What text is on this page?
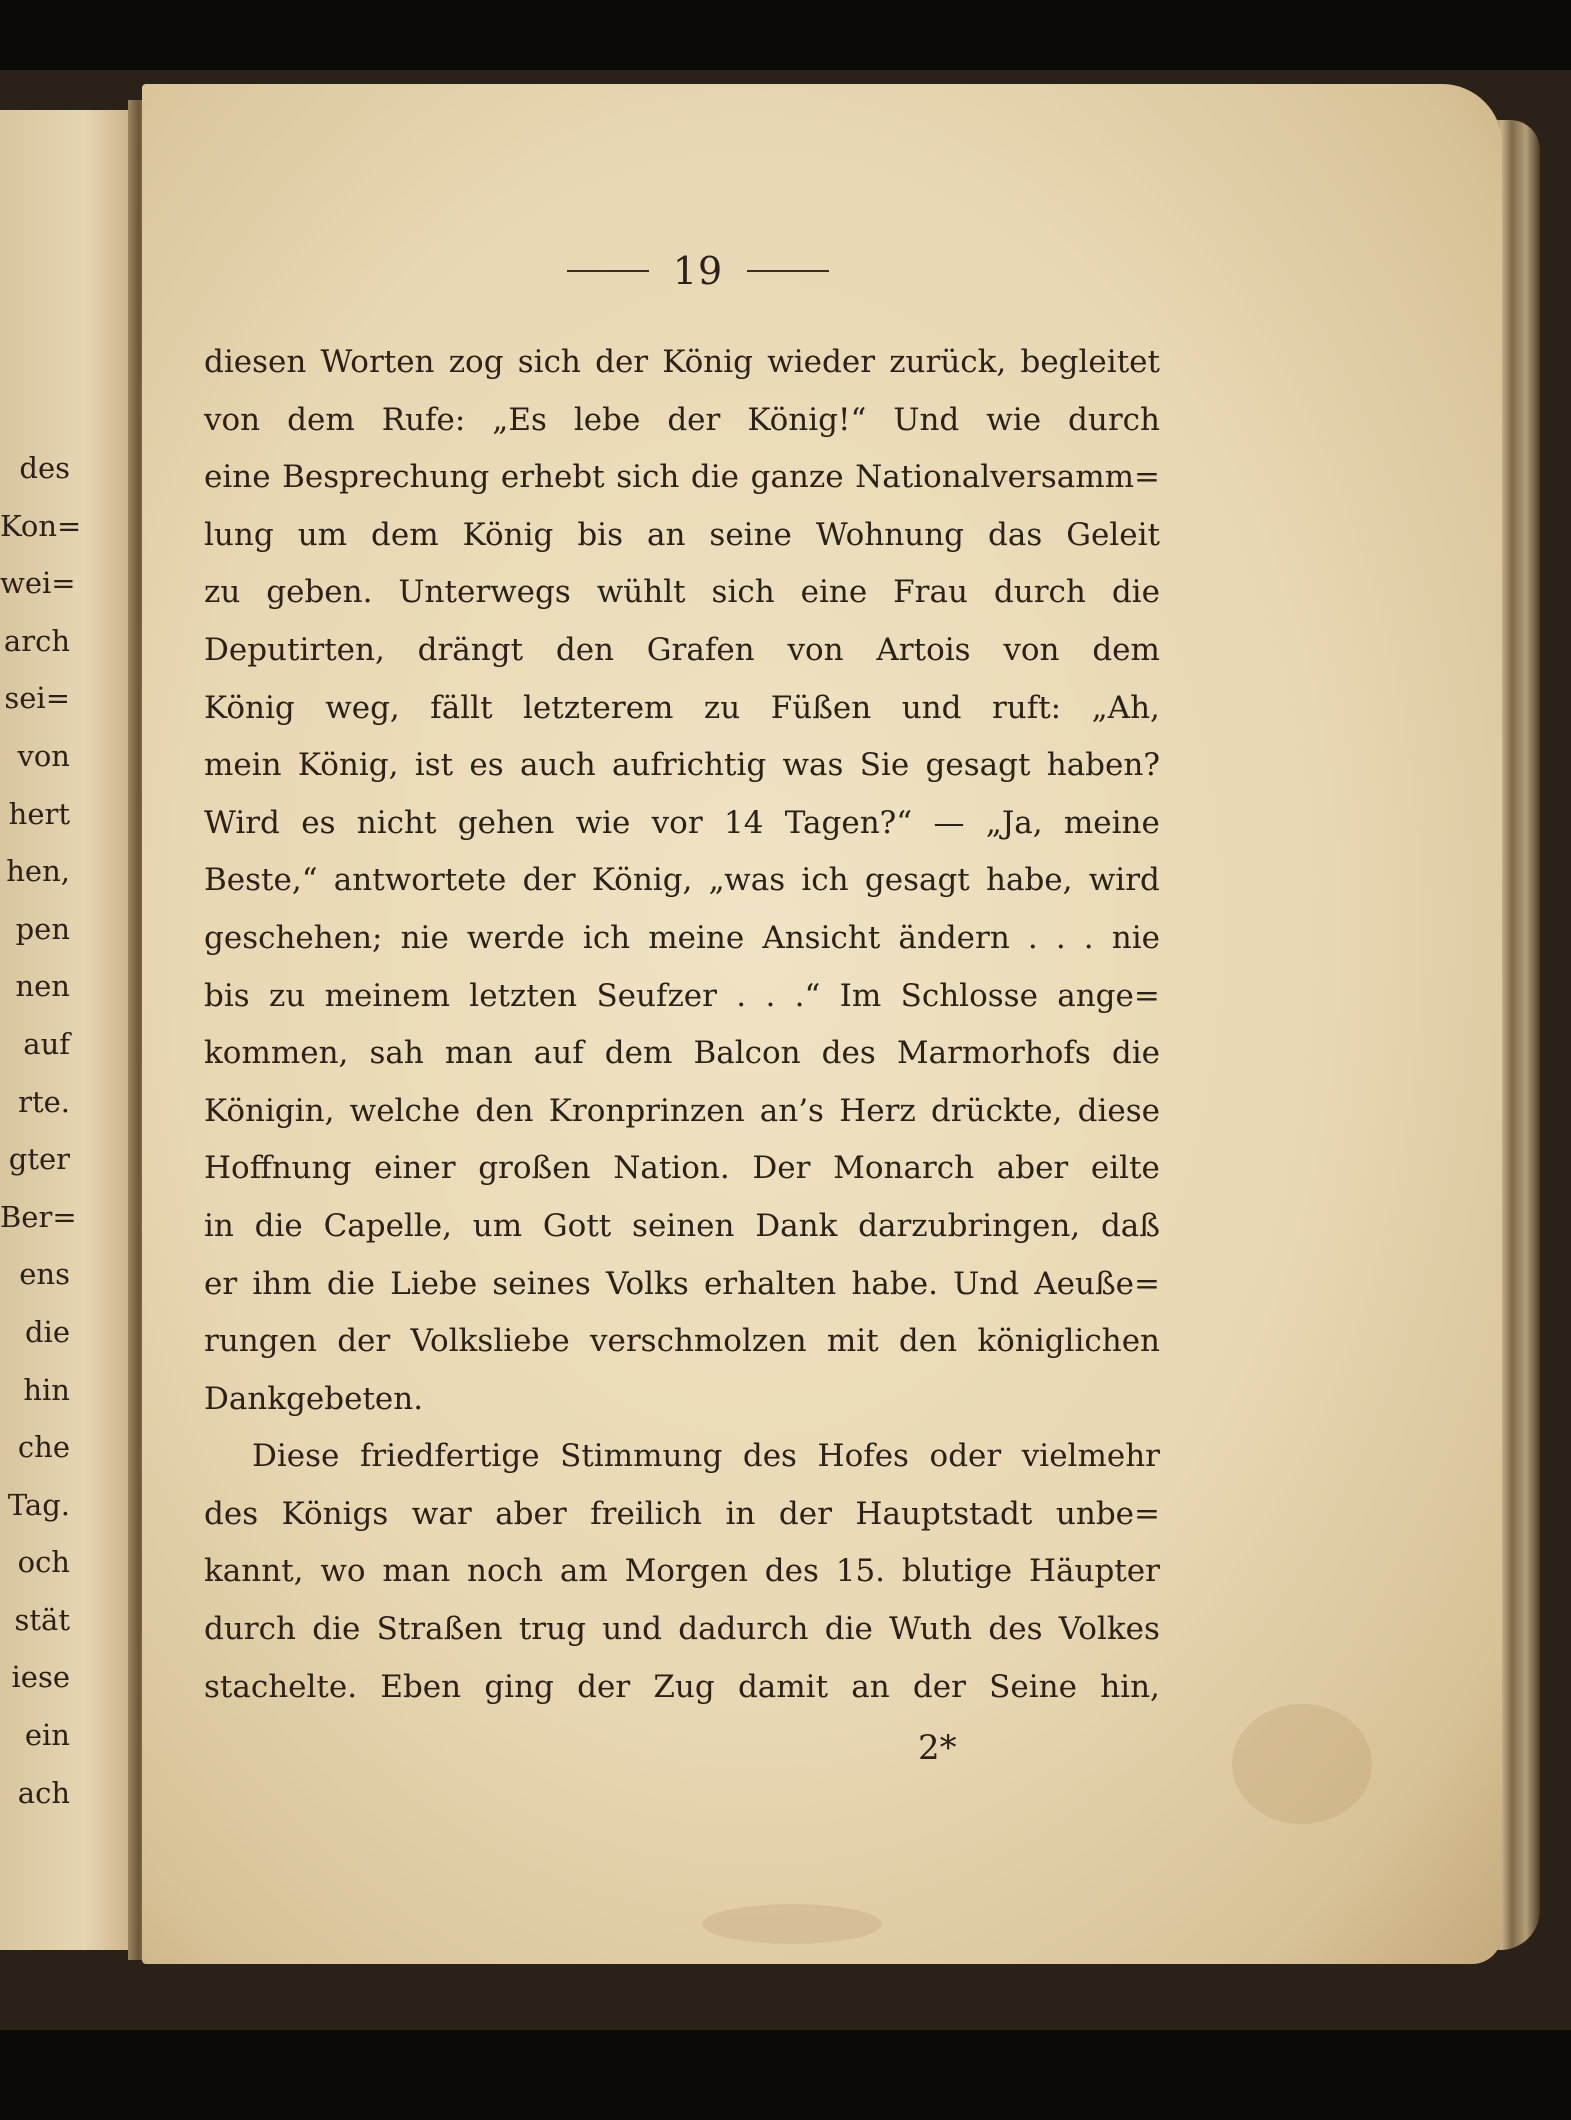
des
Kon=
wei=
arch
sei=
von
hert
hen,
pen
nen
auf
rte.
gter
Ber=
ens
die
hin
che
Tag.
och
stät
iese
ein
ach
19
diesen Worten zog sich der König wieder zurück, begleitet
von dem Rufe: „Es lebe der König!“ Und wie durch
eine Besprechung erhebt sich die ganze Nationalversamm=
lung um dem König bis an seine Wohnung das Geleit
zu geben. Unterwegs wühlt sich eine Frau durch die
Deputirten, drängt den Grafen von Artois von dem
König weg, fällt letzterem zu Füßen und ruft: „Ah,
mein König, ist es auch aufrichtig was Sie gesagt haben?
Wird es nicht gehen wie vor 14 Tagen?“ — „Ja, meine
Beste,“ antwortete der König, „was ich gesagt habe, wird
geschehen; nie werde ich meine Ansicht ändern . . . nie
bis zu meinem letzten Seufzer . . .“ Im Schlosse ange=
kommen, sah man auf dem Balcon des Marmorhofs die
Königin, welche den Kronprinzen an’s Herz drückte, diese
Hoffnung einer großen Nation. Der Monarch aber eilte
in die Capelle, um Gott seinen Dank darzubringen, daß
er ihm die Liebe seines Volks erhalten habe. Und Aeuße=
rungen der Volksliebe verschmolzen mit den königlichen
Dankgebeten.
Diese friedfertige Stimmung des Hofes oder vielmehr
des Königs war aber freilich in der Hauptstadt unbe=
kannt, wo man noch am Morgen des 15. blutige Häupter
durch die Straßen trug und dadurch die Wuth des Volkes
stachelte. Eben ging der Zug damit an der Seine hin,
2*
